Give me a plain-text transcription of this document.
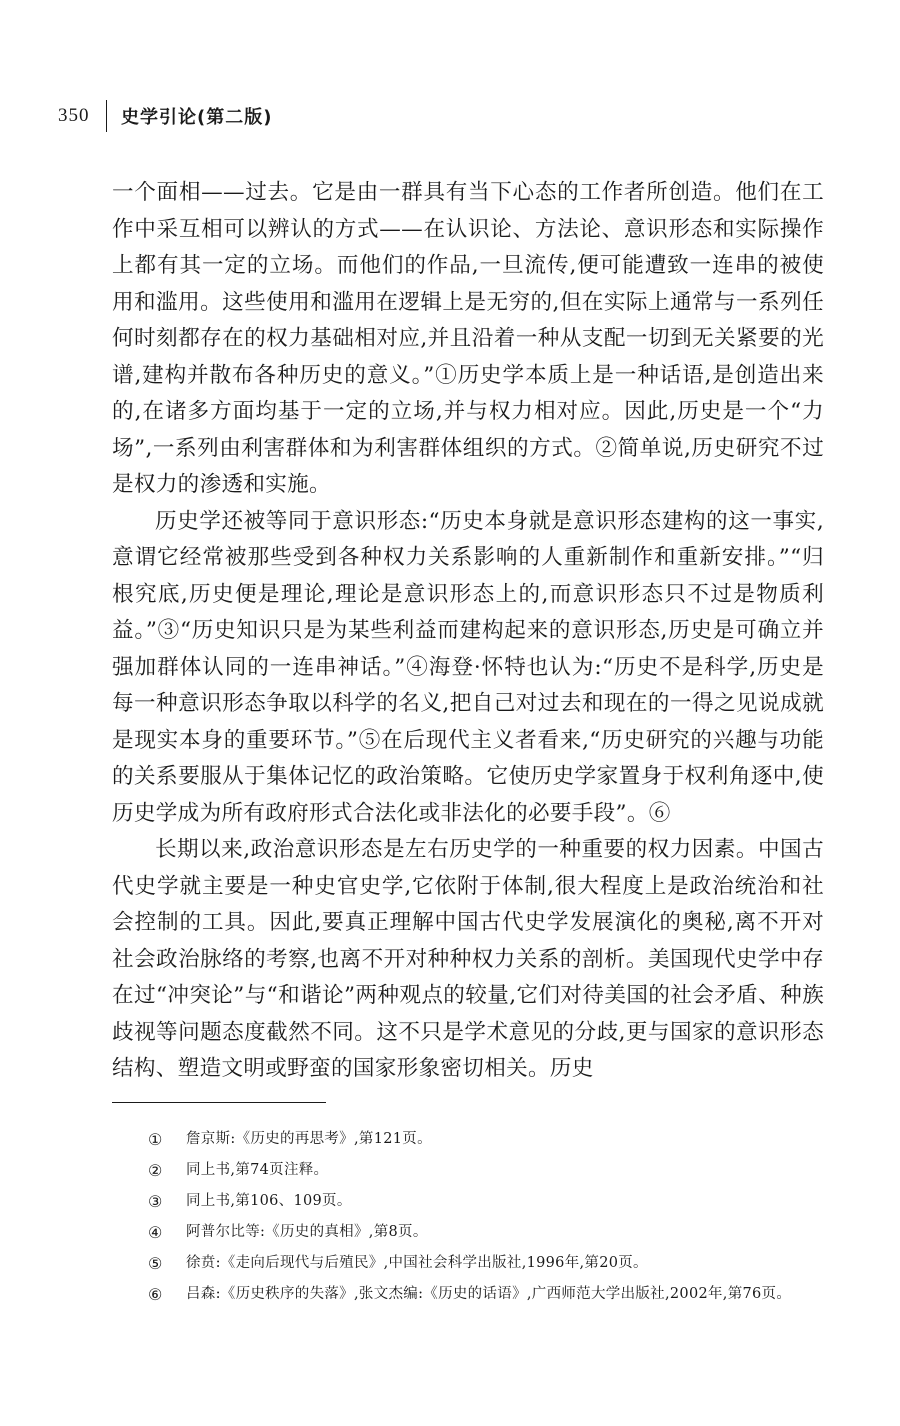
350	史学引论(第二版)

一个面相——过去。它是由一群具有当下心态的工作者所创造。他们在工作中采互相可以辨认的方式——在认识论、方法论、意识形态和实际操作上都有其一定的立场。而他们的作品,一旦流传,便可能遭致一连串的被使用和滥用。这些使用和滥用在逻辑上是无穷的,但在实际上通常与一系列任何时刻都存在的权力基础相对应,并且沿着一种从支配一切到无关紧要的光谱,建构并散布各种历史的意义。”①历史学本质上是一种话语,是创造出来的,在诸多方面均基于一定的立场,并与权力相对应。因此,历史是一个“力场”,一系列由利害群体和为利害群体组织的方式。②简单说,历史研究不过是权力的渗透和实施。

历史学还被等同于意识形态:“历史本身就是意识形态建构的这一事实,意谓它经常被那些受到各种权力关系影响的人重新制作和重新安排。”“归根究底,历史便是理论,理论是意识形态上的,而意识形态只不过是物质利益。”③“历史知识只是为某些利益而建构起来的意识形态,历史是可确立并强加群体认同的一连串神话。”④海登·怀特也认为:“历史不是科学,历史是每一种意识形态争取以科学的名义,把自己对过去和现在的一得之见说成就是现实本身的重要环节。”⑤在后现代主义者看来,“历史研究的兴趣与功能的关系要服从于集体记忆的政治策略。它使历史学家置身于权利角逐中,使历史学成为所有政府形式合法化或非法化的必要手段”。⑥

长期以来,政治意识形态是左右历史学的一种重要的权力因素。中国古代史学就主要是一种史官史学,它依附于体制,很大程度上是政治统治和社会控制的工具。因此,要真正理解中国古代史学发展演化的奥秘,离不开对社会政治脉络的考察,也离不开对种种权力关系的剖析。美国现代史学中存在过“冲突论”与“和谐论”两种观点的较量,它们对待美国的社会矛盾、种族歧视等问题态度截然不同。这不只是学术意见的分歧,更与国家的意识形态结构、塑造文明或野蛮的国家形象密切相关。历史

①	詹京斯:《历史的再思考》,第121页。
②	同上书,第74页注释。
③	同上书,第106、109页。
④	阿普尔比等:《历史的真相》,第8页。
⑤	徐贲:《走向后现代与后殖民》,中国社会科学出版社,1996年,第20页。
⑥	吕森:《历史秩序的失落》,张文杰编:《历史的话语》,广西师范大学出版社,2002年,第76页。
